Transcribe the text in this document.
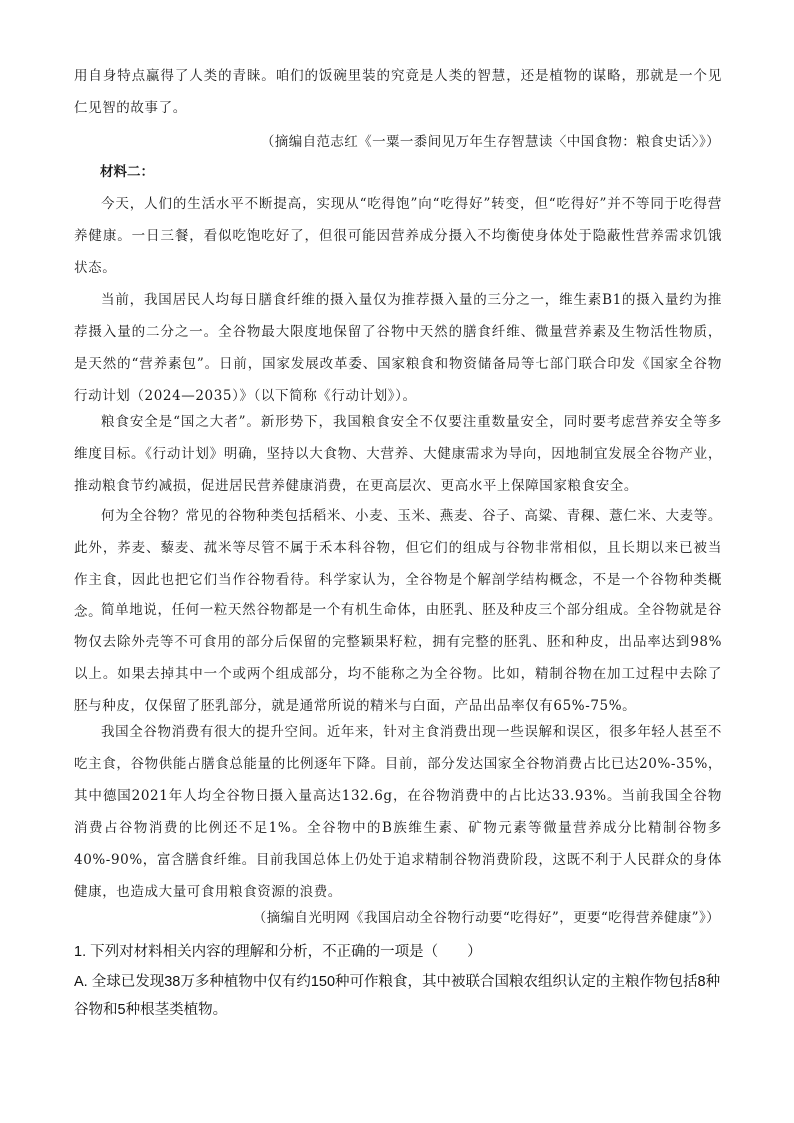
用自身特点赢得了人类的青睐。咱们的饭碗里装的究竟是人类的智慧，还是植物的谋略，那就是一个见仁见智的故事了。
（摘编自范志红《一粟一黍间见万年生存智慧读〈中国食物：粮食史话〉》）
材料二：
今天，人们的生活水平不断提高，实现从“吃得饱”向“吃得好”转变，但“吃得好”并不等同于吃得营养健康。一日三餐，看似吃饱吃好了，但很可能因营养成分摄入不均衡使身体处于隐蔽性营养需求饥饿状态。
当前，我国居民人均每日膳食纤维的摄入量仅为推荐摄入量的三分之一，维生素B1的摄入量约为推荐摄入量的二分之一。全谷物最大限度地保留了谷物中天然的膳食纤维、微量营养素及生物活性物质，是天然的“营养素包”。日前，国家发展改革委、国家粮食和物资储备局等七部门联合印发《国家全谷物行动计划（2024—2035）》（以下简称《行动计划》）。
粮食安全是“国之大者”。新形势下，我国粮食安全不仅要注重数量安全，同时要考虑营养安全等多维度目标。《行动计划》明确，坚持以大食物、大营养、大健康需求为导向，因地制宜发展全谷物产业，推动粮食节约减损，促进居民营养健康消费，在更高层次、更高水平上保障国家粮食安全。
何为全谷物？常见的谷物种类包括稻米、小麦、玉米、燕麦、谷子、高粱、青稞、薏仁米、大麦等。此外，荞麦、藜麦、菰米等尽管不属于禾本科谷物，但它们的组成与谷物非常相似，且长期以来已被当作主食，因此也把它们当作谷物看待。科学家认为，全谷物是个解剖学结构概念，不是一个谷物种类概念。
简单地说，任何一粒天然谷物都是一个有机生命体，由胚乳、胚及种皮三个部分组成。全谷物就是谷物仅去除外壳等不可食用的部分后保留的完整颖果籽粒，拥有完整的胚乳、胚和种皮，出品率达到98%以上。如果去掉其中一个或两个组成部分，均不能称之为全谷物。比如，精制谷物在加工过程中去除了胚与种皮，仅保留了胚乳部分，就是通常所说的精米与白面，产品出品率仅有65%-75%。
我国全谷物消费有很大的提升空间。近年来，针对主食消费出现一些误解和误区，很多年轻人甚至不吃主食，谷物供能占膳食总能量的比例逐年下降。目前，部分发达国家全谷物消费占比已达20%-35%，其中德国2021年人均全谷物日摄入量高达132.6g，在谷物消费中的占比达33.93%。当前我国全谷物消费占谷物消费的比例还不足1%。全谷物中的B族维生素、矿物元素等微量营养成分比精制谷物多40%-90%，富含膳食纤维。目前我国总体上仍处于追求精制谷物消费阶段，这既不利于人民群众的身体健康，也造成大量可食用粮食资源的浪费。
（摘编自光明网《我国启动全谷物行动要“吃得好”，更要“吃得营养健康”》）
1. 下列对材料相关内容的理解和分析，不正确的一项是（　　）
A. 全球已发现38万多种植物中仅有约150种可作粮食，其中被联合国粮农组织认定的主粮作物包括8种谷物和5种根茎类植物。
